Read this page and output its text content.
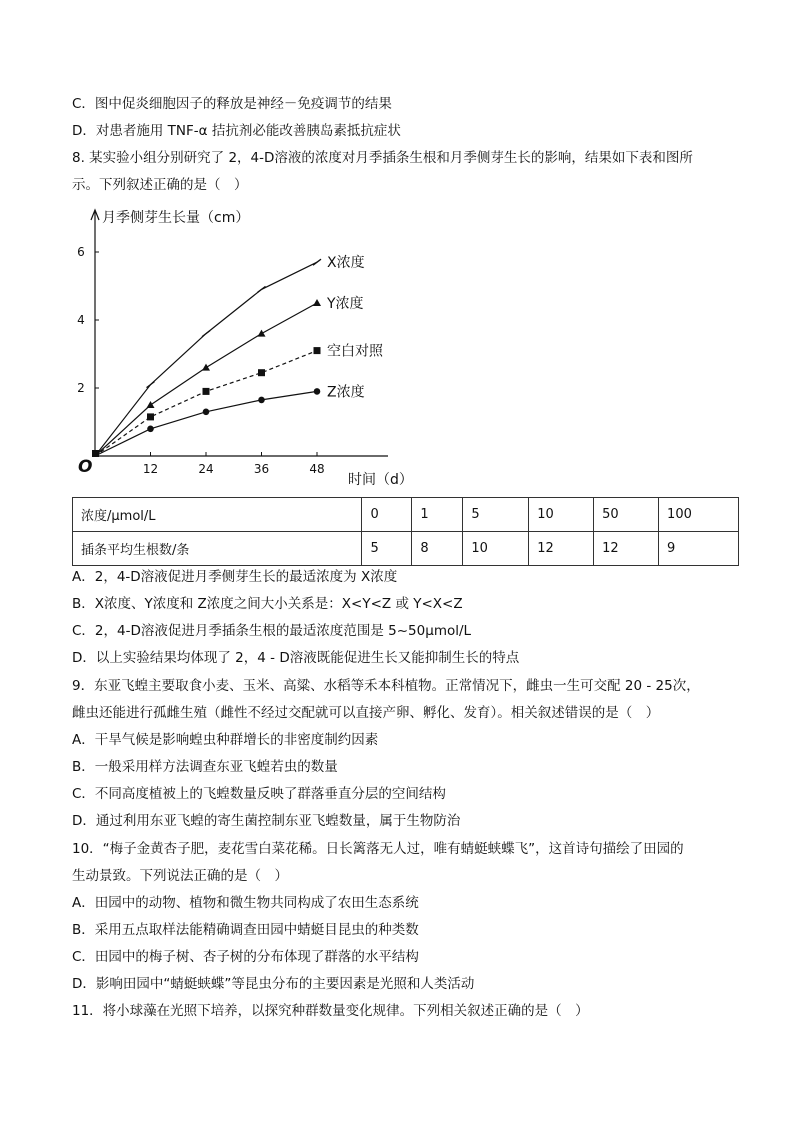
C．图中促炎细胞因子的释放是神经－免疫调节的结果
D．对患者施用 TNF-α 拮抗剂必能改善胰岛素抵抗症状
8. 某实验小组分别研究了 2，4-D溶液的浓度对月季插条生根和月季侧芽生长的影响，结果如下表和图所
示。下列叙述正确的是（　）
月季侧芽生长量（cm）
时间（d）
O	12	24	36	48
2
4
6
X浓度
Y浓度
空白对照
Z浓度
浓度/μmol/L	0	1	5	10	50	100
插条平均生根数/条	5	8	10	12	12	9
A．2，4-D溶液促进月季侧芽生长的最适浓度为 X浓度
B．X浓度、Y浓度和 Z浓度之间大小关系是：X<Y<Z 或 Y<X<Z
C．2，4-D溶液促进月季插条生根的最适浓度范围是 5~50μmol/L
D．以上实验结果均体现了 2，4 - D溶液既能促进生长又能抑制生长的特点
9．东亚飞蝗主要取食小麦、玉米、高粱、水稻等禾本科植物。正常情况下，雌虫一生可交配 20 - 25次，
雌虫还能进行孤雌生殖（雌性不经过交配就可以直接产卵、孵化、发育）。相关叙述错误的是（　）
A．干旱气候是影响蝗虫种群增长的非密度制约因素
B．一般采用样方法调查东亚飞蝗若虫的数量
C．不同高度植被上的飞蝗数量反映了群落垂直分层的空间结构
D．通过利用东亚飞蝗的寄生菌控制东亚飞蝗数量，属于生物防治
10．“梅子金黄杏子肥，麦花雪白菜花稀。日长篱落无人过，唯有蜻蜓蛱蝶飞”，这首诗句描绘了田园的
生动景致。下列说法正确的是（　）
A．田园中的动物、植物和微生物共同构成了农田生态系统
B．采用五点取样法能精确调查田园中蜻蜓目昆虫的种类数
C．田园中的梅子树、杏子树的分布体现了群落的水平结构
D．影响田园中“蜻蜓蛱蝶”等昆虫分布的主要因素是光照和人类活动
11．将小球藻在光照下培养，以探究种群数量变化规律。下列相关叙述正确的是（　）
